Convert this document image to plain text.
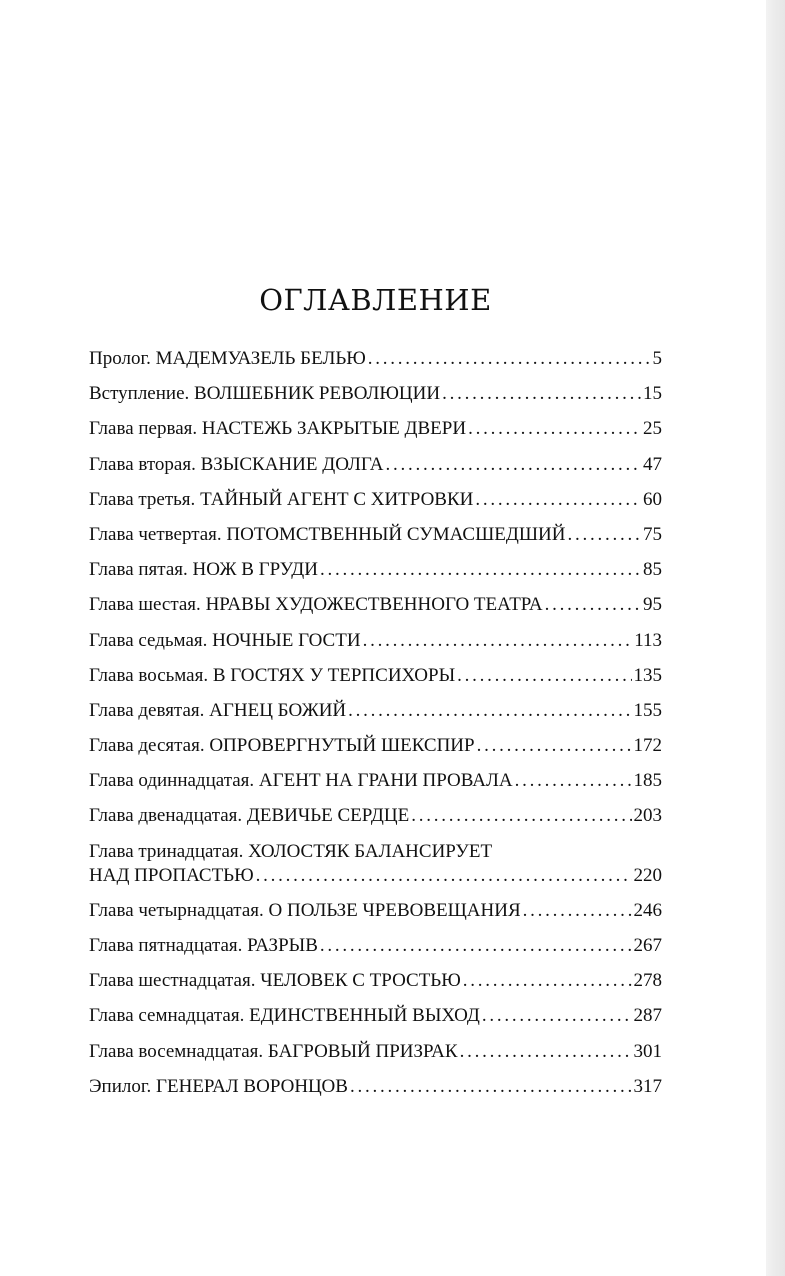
ОГЛАВЛЕНИЕ
Пролог. МАДЕМУАЗЕЛЬ БЕЛЬЮ . . .	5
Вступление. ВОЛШЕБНИК РЕВОЛЮЦИИ . . .	15
Глава первая. НАСТЕЖЬ ЗАКРЫТЫЕ ДВЕРИ . . .	25
Глава вторая. ВЗЫСКАНИЕ ДОЛГА . . .	47
Глава третья. ТАЙНЫЙ АГЕНТ С ХИТРОВКИ . . .	60
Глава четвертая. ПОТОМСТВЕННЫЙ СУМАСШЕДШИЙ . . .	75
Глава пятая. НОЖ В ГРУДИ . . .	85
Глава шестая. НРАВЫ ХУДОЖЕСТВЕННОГО ТЕАТРА . . .	95
Глава седьмая. НОЧНЫЕ ГОСТИ . . .	113
Глава восьмая. В ГОСТЯХ У ТЕРПСИХОРЫ . . .	135
Глава девятая. АГНЕЦ БОЖИЙ . . .	155
Глава десятая. ОПРОВЕРГНУТЫЙ ШЕКСПИР . . .	172
Глава одиннадцатая. АГЕНТ НА ГРАНИ ПРОВАЛА . . .	185
Глава двенадцатая. ДЕВИЧЬЕ СЕРДЦЕ . . .	203
Глава тринадцатая. ХОЛОСТЯК БАЛАНСИРУЕТ
НАД ПРОПАСТЬЮ . . .	220
Глава четырнадцатая. О ПОЛЬЗЕ ЧРЕВОВЕЩАНИЯ . . .	246
Глава пятнадцатая. РАЗРЫВ . . .	267
Глава шестнадцатая. ЧЕЛОВЕК С ТРОСТЬЮ . . .	278
Глава семнадцатая. ЕДИНСТВЕННЫЙ ВЫХОД . . .	287
Глава восемнадцатая. БАГРОВЫЙ ПРИЗРАК . . .	301
Эпилог. ГЕНЕРАЛ ВОРОНЦОВ . . .	317
